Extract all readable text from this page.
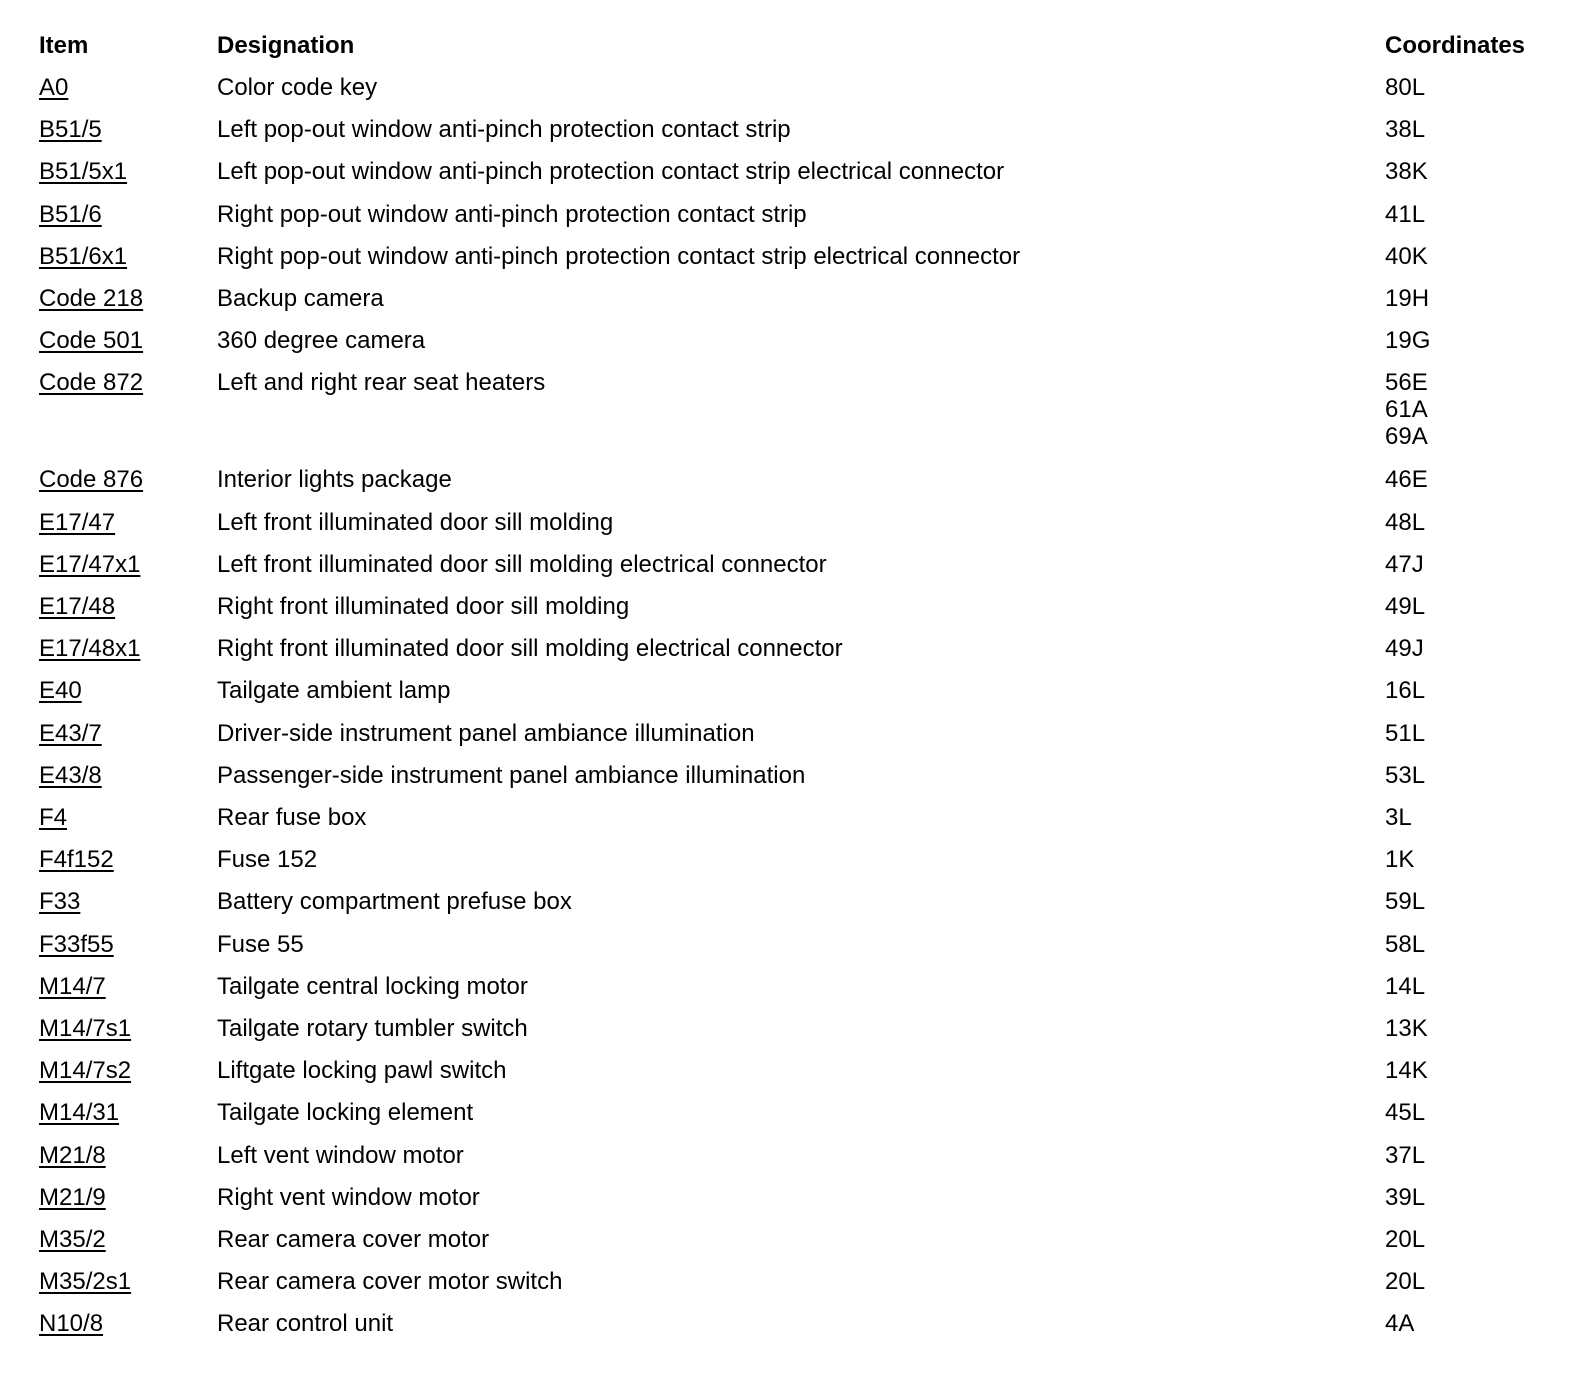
Item	Designation	Coordinates
A0	Color code key	80L
B51/5	Left pop-out window anti-pinch protection contact strip	38L
B51/5x1	Left pop-out window anti-pinch protection contact strip electrical connector	38K
B51/6	Right pop-out window anti-pinch protection contact strip	41L
B51/6x1	Right pop-out window anti-pinch protection contact strip electrical connector	40K
Code 218	Backup camera	19H
Code 501	360 degree camera	19G
Code 872	Left and right rear seat heaters	56E
61A
69A
Code 876	Interior lights package	46E
E17/47	Left front illuminated door sill molding	48L
E17/47x1	Left front illuminated door sill molding electrical connector	47J
E17/48	Right front illuminated door sill molding	49L
E17/48x1	Right front illuminated door sill molding electrical connector	49J
E40	Tailgate ambient lamp	16L
E43/7	Driver-side instrument panel ambiance illumination	51L
E43/8	Passenger-side instrument panel ambiance illumination	53L
F4	Rear fuse box	3L
F4f152	Fuse 152	1K
F33	Battery compartment prefuse box	59L
F33f55	Fuse 55	58L
M14/7	Tailgate central locking motor	14L
M14/7s1	Tailgate rotary tumbler switch	13K
M14/7s2	Liftgate locking pawl switch	14K
M14/31	Tailgate locking element	45L
M21/8	Left vent window motor	37L
M21/9	Right vent window motor	39L
M35/2	Rear camera cover motor	20L
M35/2s1	Rear camera cover motor switch	20L
N10/8	Rear control unit	4A
